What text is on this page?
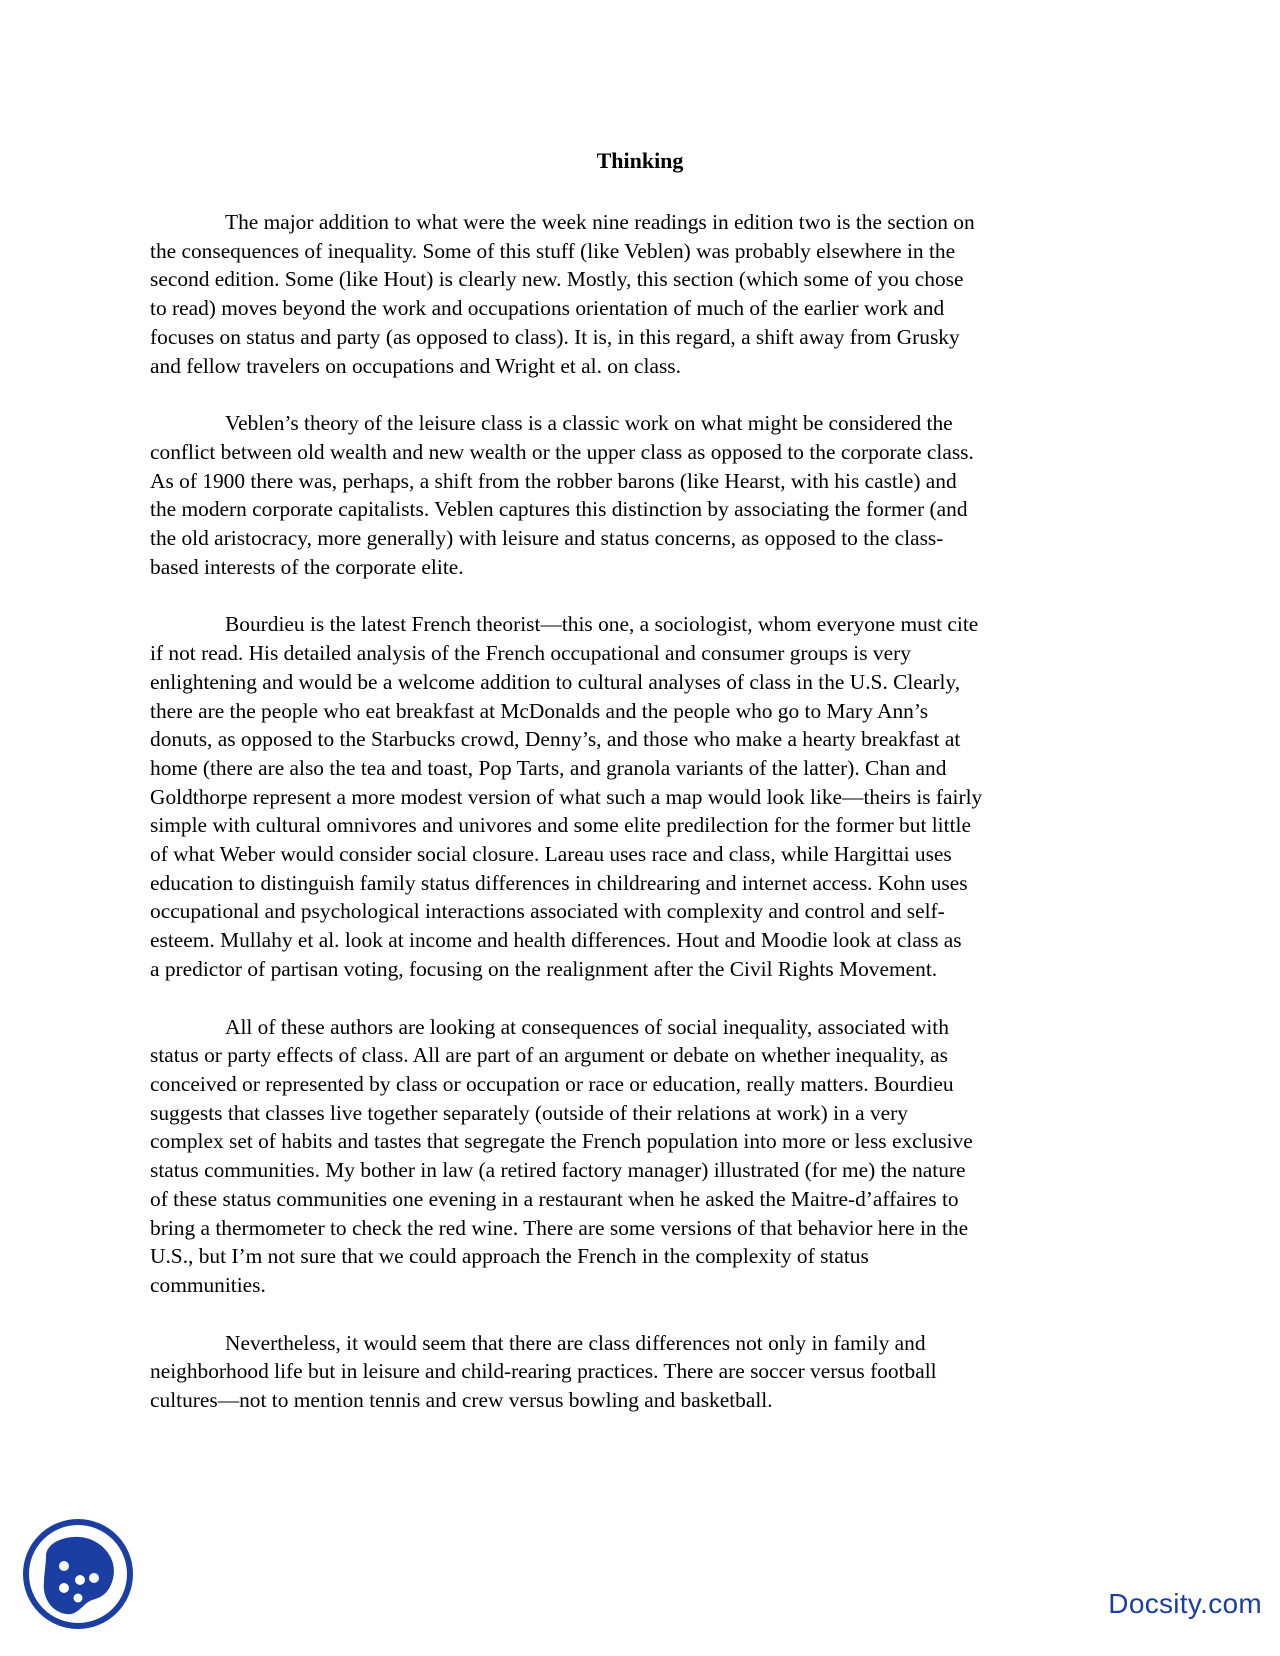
Thinking

The major addition to what were the week nine readings in edition two is the section on
the consequences of inequality. Some of this stuff (like Veblen) was probably elsewhere in the
second edition. Some (like Hout) is clearly new. Mostly, this section (which some of you chose
to read) moves beyond the work and occupations orientation of much of the earlier work and
focuses on status and party (as opposed to class). It is, in this regard, a shift away from Grusky
and fellow travelers on occupations and Wright et al. on class.

Veblen’s theory of the leisure class is a classic work on what might be considered the
conflict between old wealth and new wealth or the upper class as opposed to the corporate class.
As of 1900 there was, perhaps, a shift from the robber barons (like Hearst, with his castle) and
the modern corporate capitalists. Veblen captures this distinction by associating the former (and
the old aristocracy, more generally) with leisure and status concerns, as opposed to the class-
based interests of the corporate elite.

Bourdieu is the latest French theorist—this one, a sociologist, whom everyone must cite
if not read. His detailed analysis of the French occupational and consumer groups is very
enlightening and would be a welcome addition to cultural analyses of class in the U.S. Clearly,
there are the people who eat breakfast at McDonalds and the people who go to Mary Ann’s
donuts, as opposed to the Starbucks crowd, Denny’s, and those who make a hearty breakfast at
home (there are also the tea and toast, Pop Tarts, and granola variants of the latter). Chan and
Goldthorpe represent a more modest version of what such a map would look like—theirs is fairly
simple with cultural omnivores and univores and some elite predilection for the former but little
of what Weber would consider social closure. Lareau uses race and class, while Hargittai uses
education to distinguish family status differences in childrearing and internet access. Kohn uses
occupational and psychological interactions associated with complexity and control and self-
esteem. Mullahy et al. look at income and health differences. Hout and Moodie look at class as
a predictor of partisan voting, focusing on the realignment after the Civil Rights Movement.

All of these authors are looking at consequences of social inequality, associated with
status or party effects of class. All are part of an argument or debate on whether inequality, as
conceived or represented by class or occupation or race or education, really matters. Bourdieu
suggests that classes live together separately (outside of their relations at work) in a very
complex set of habits and tastes that segregate the French population into more or less exclusive
status communities. My bother in law (a retired factory manager) illustrated (for me) the nature
of these status communities one evening in a restaurant when he asked the Maitre-d’affaires to
bring a thermometer to check the red wine. There are some versions of that behavior here in the
U.S., but I’m not sure that we could approach the French in the complexity of status
communities.

Nevertheless, it would seem that there are class differences not only in family and
neighborhood life but in leisure and child-rearing practices. There are soccer versus football
cultures—not to mention tennis and crew versus bowling and basketball.

Docsity.com
